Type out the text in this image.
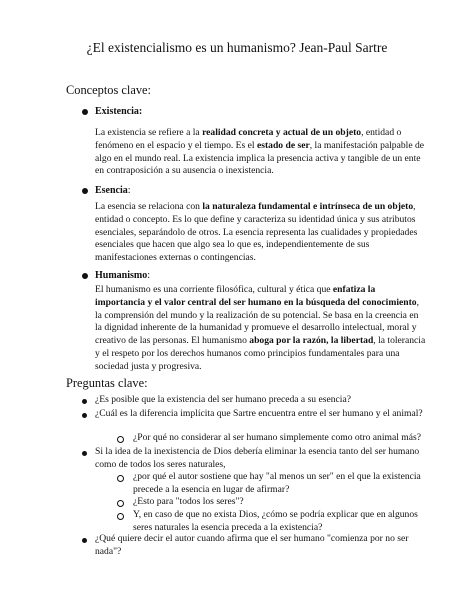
¿El existencialismo es un humanismo? Jean-Paul Sartre
Conceptos clave:
Existencia:

La existencia se refiere a la realidad concreta y actual de un objeto, entidad o fenómeno en el espacio y el tiempo. Es el estado de ser, la manifestación palpable de algo en el mundo real. La existencia implica la presencia activa y tangible de un ente en contraposición a su ausencia o inexistencia.

Esencia:

La esencia se relaciona con la naturaleza fundamental e intrínseca de un objeto, entidad o concepto. Es lo que define y caracteriza su identidad única y sus atributos esenciales, separándolo de otros. La esencia representa las cualidades y propiedades esenciales que hacen que algo sea lo que es, independientemente de sus manifestaciones externas o contingencias.

Humanismo:

El humanismo es una corriente filosófica, cultural y ética que enfatiza la importancia y el valor central del ser humano en la búsqueda del conocimiento, la comprensión del mundo y la realización de su potencial. Se basa en la creencia en la dignidad inherente de la humanidad y promueve el desarrollo intelectual, moral y creativo de las personas. El humanismo aboga por la razón, la libertad, la tolerancia y el respeto por los derechos humanos como principios fundamentales para una sociedad justa y progresiva.

Preguntas clave:
¿Es posible que la existencia del ser humano preceda a su esencia?
¿Cuál es la diferencia implícita que Sartre encuentra entre el ser humano y el animal?
¿Por qué no considerar al ser humano simplemente como otro animal más?
Si la idea de la inexistencia de Dios debería eliminar la esencia tanto del ser humano como de todos los seres naturales,
¿por qué el autor sostiene que hay "al menos un ser" en el que la existencia precede a la esencia en lugar de afirmar?
¿Esto para "todos los seres"?
Y, en caso de que no exista Dios, ¿cómo se podría explicar que en algunos seres naturales la esencia preceda a la existencia?
¿Qué quiere decir el autor cuando afirma que el ser humano "comienza por no ser nada"?
